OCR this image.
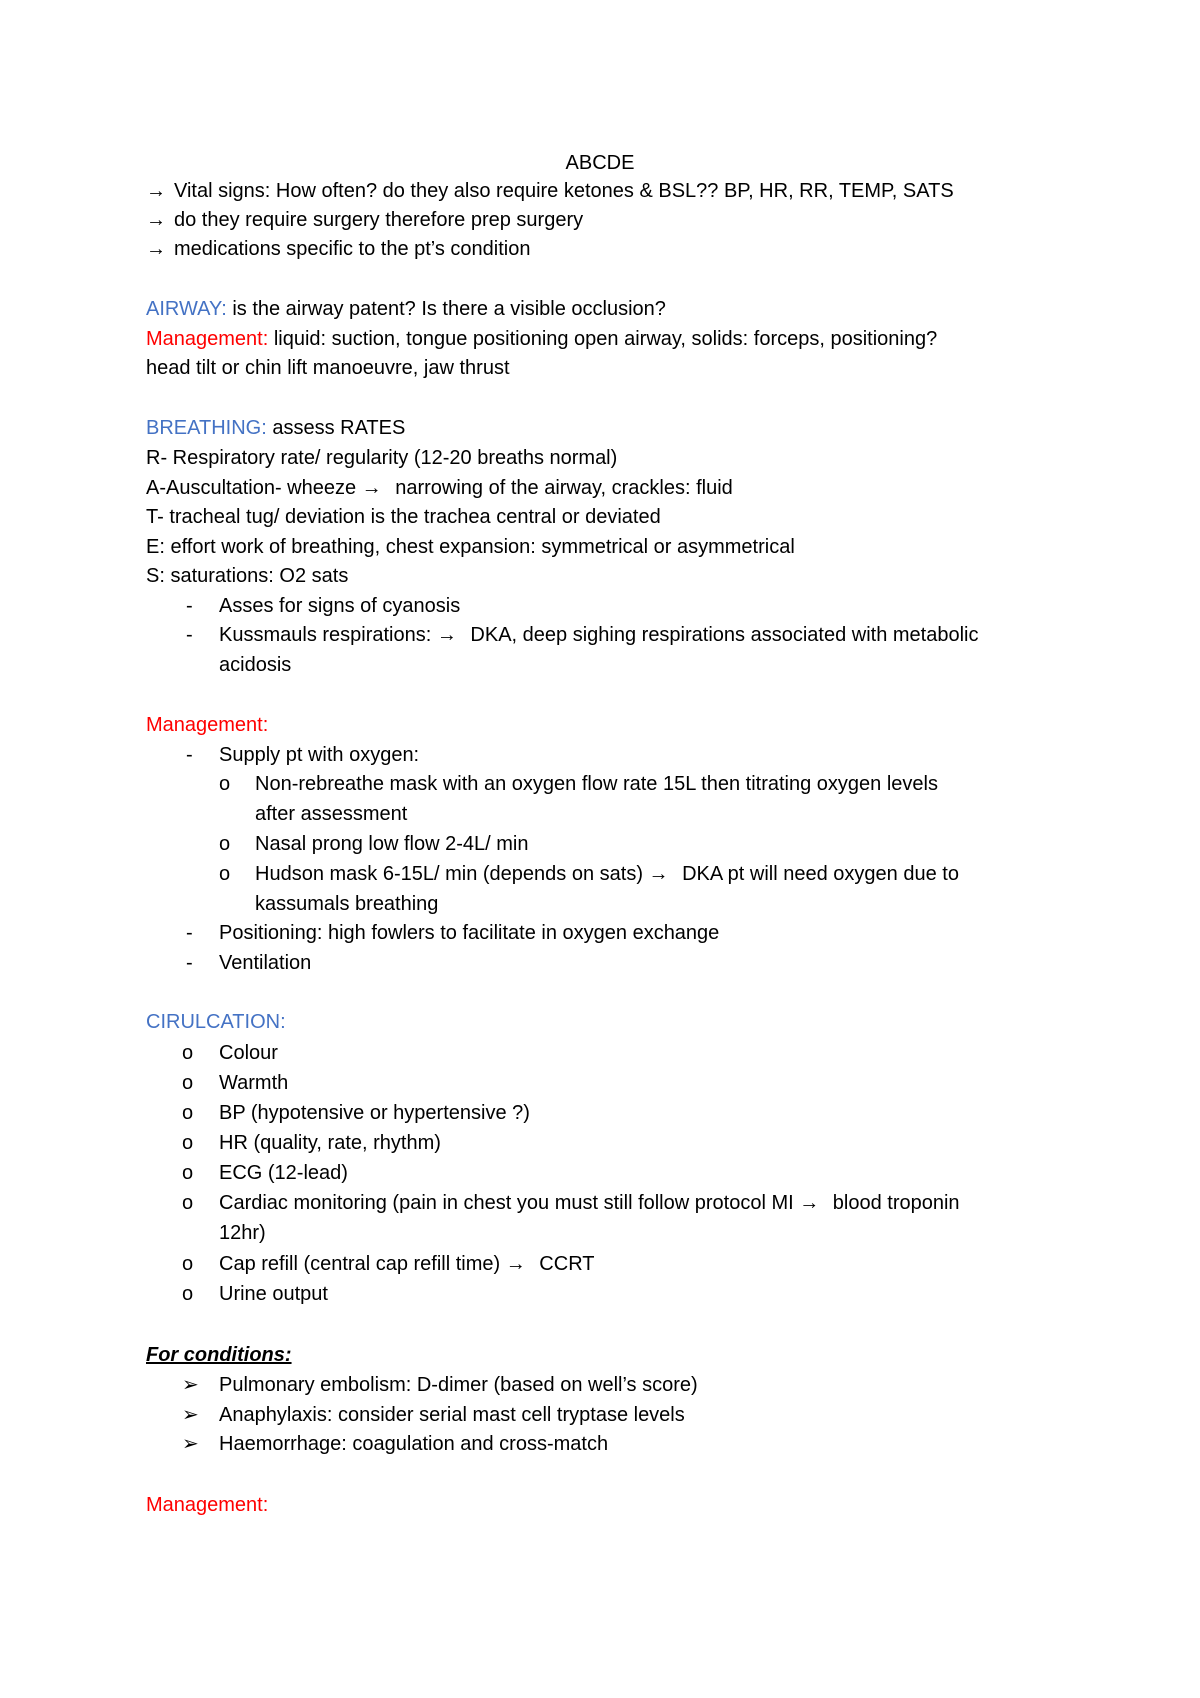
ABCDE
→ Vital signs: How often? do they also require ketones & BSL?? BP, HR, RR, TEMP, SATS
→ do they require surgery therefore prep surgery
→ medications specific to the pt’s condition
AIRWAY: is the airway patent? Is there a visible occlusion?
Management: liquid: suction, tongue positioning open airway, solids: forceps, positioning?
head tilt or chin lift manoeuvre, jaw thrust
BREATHING: assess RATES
R- Respiratory rate/ regularity (12-20 breaths normal)
A-Auscultation- wheeze → narrowing of the airway, crackles: fluid
T- tracheal tug/ deviation is the trachea central or deviated
E: effort work of breathing, chest expansion: symmetrical or asymmetrical
S: saturations: O2 sats
- Asses for signs of cyanosis
- Kussmauls respirations: → DKA, deep sighing respirations associated with metabolic
acidosis
Management:
- Supply pt with oxygen:
o Non-rebreathe mask with an oxygen flow rate 15L then titrating oxygen levels
after assessment
o Nasal prong low flow 2-4L/ min
o Hudson mask 6-15L/ min (depends on sats) → DKA pt will need oxygen due to
kassumals breathing
- Positioning: high fowlers to facilitate in oxygen exchange
- Ventilation
CIRULCATION:
o Colour
o Warmth
o BP (hypotensive or hypertensive ?)
o HR (quality, rate, rhythm)
o ECG (12-lead)
o Cardiac monitoring (pain in chest you must still follow protocol MI → blood troponin
12hr)
o Cap refill (central cap refill time) → CCRT
o Urine output
For conditions:
➢ Pulmonary embolism: D-dimer (based on well’s score)
➢ Anaphylaxis: consider serial mast cell tryptase levels
➢ Haemorrhage: coagulation and cross-match
Management:
